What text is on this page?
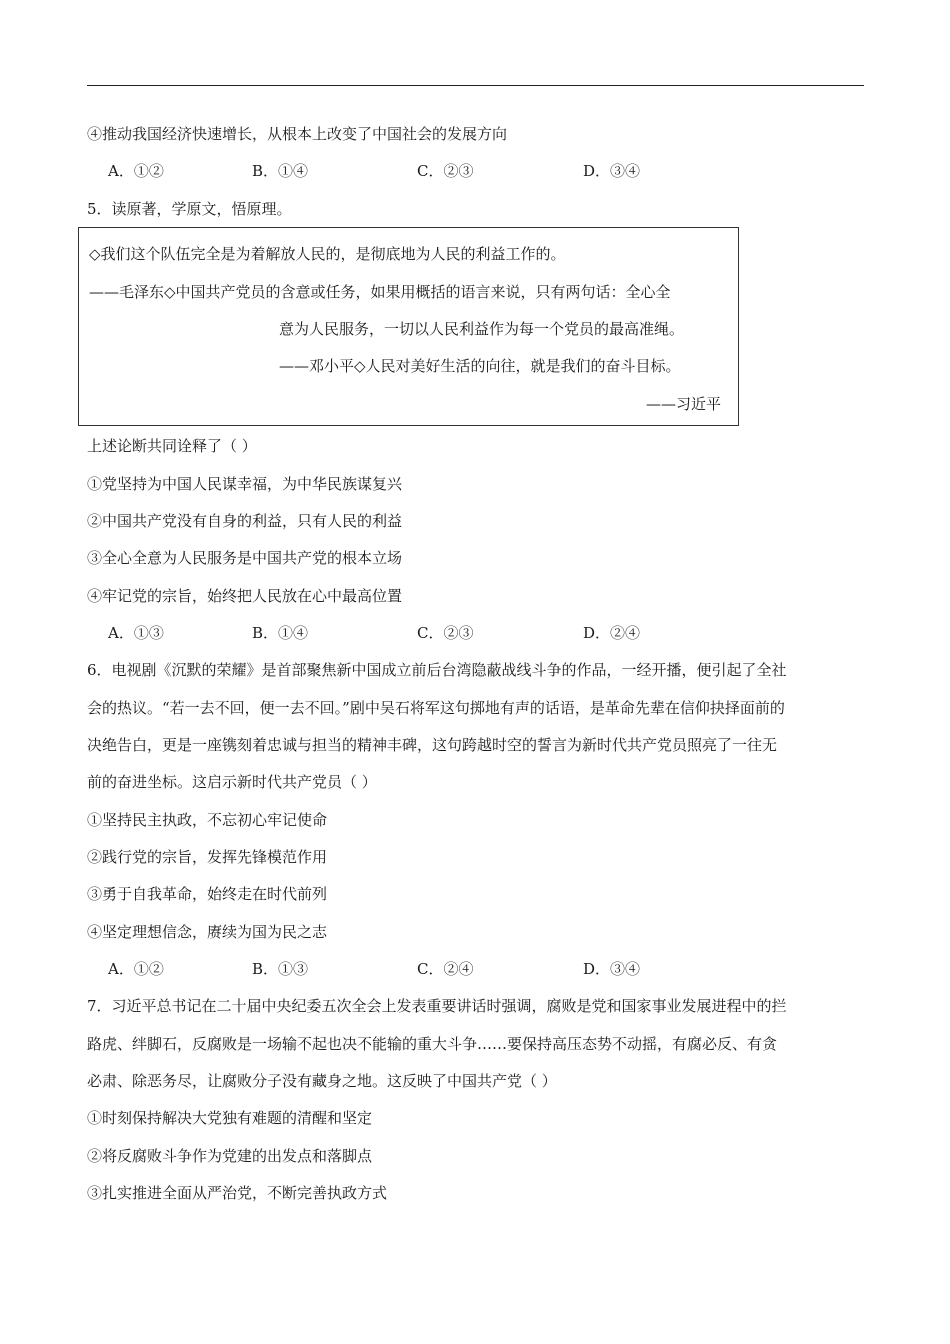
④推动我国经济快速增长，从根本上改变了中国社会的发展方向
A．①②	B．①④	C．②③	D．③④
5．读原著，学原文，悟原理。
◇我们这个队伍完全是为着解放人民的，是彻底地为人民的利益工作的。
——毛泽东◇中国共产党员的含意或任务，如果用概括的语言来说，只有两句话：全心全
意为人民服务，一切以人民利益作为每一个党员的最高准绳。
——邓小平◇人民对美好生活的向往，就是我们的奋斗目标。
——习近平
上述论断共同诠释了（ ）
①党坚持为中国人民谋幸福，为中华民族谋复兴
②中国共产党没有自身的利益，只有人民的利益
③全心全意为人民服务是中国共产党的根本立场
④牢记党的宗旨，始终把人民放在心中最高位置
A．①③	B．①④	C．②③	D．②④
6．电视剧《沉默的荣耀》是首部聚焦新中国成立前后台湾隐蔽战线斗争的作品，一经开播，便引起了全社
会的热议。“若一去不回，便一去不回。”剧中吴石将军这句掷地有声的话语，是革命先辈在信仰抉择面前的
决绝告白，更是一座镌刻着忠诚与担当的精神丰碑，这句跨越时空的誓言为新时代共产党员照亮了一往无
前的奋进坐标。这启示新时代共产党员（ ）
①坚持民主执政，不忘初心牢记使命
②践行党的宗旨，发挥先锋模范作用
③勇于自我革命，始终走在时代前列
④坚定理想信念，赓续为国为民之志
A．①②	B．①③	C．②④	D．③④
7．习近平总书记在二十届中央纪委五次全会上发表重要讲话时强调，腐败是党和国家事业发展进程中的拦
路虎、绊脚石，反腐败是一场输不起也决不能输的重大斗争……要保持高压态势不动摇，有腐必反、有贪
必肃、除恶务尽，让腐败分子没有藏身之地。这反映了中国共产党（ ）
①时刻保持解决大党独有难题的清醒和坚定
②将反腐败斗争作为党建的出发点和落脚点
③扎实推进全面从严治党，不断完善执政方式
